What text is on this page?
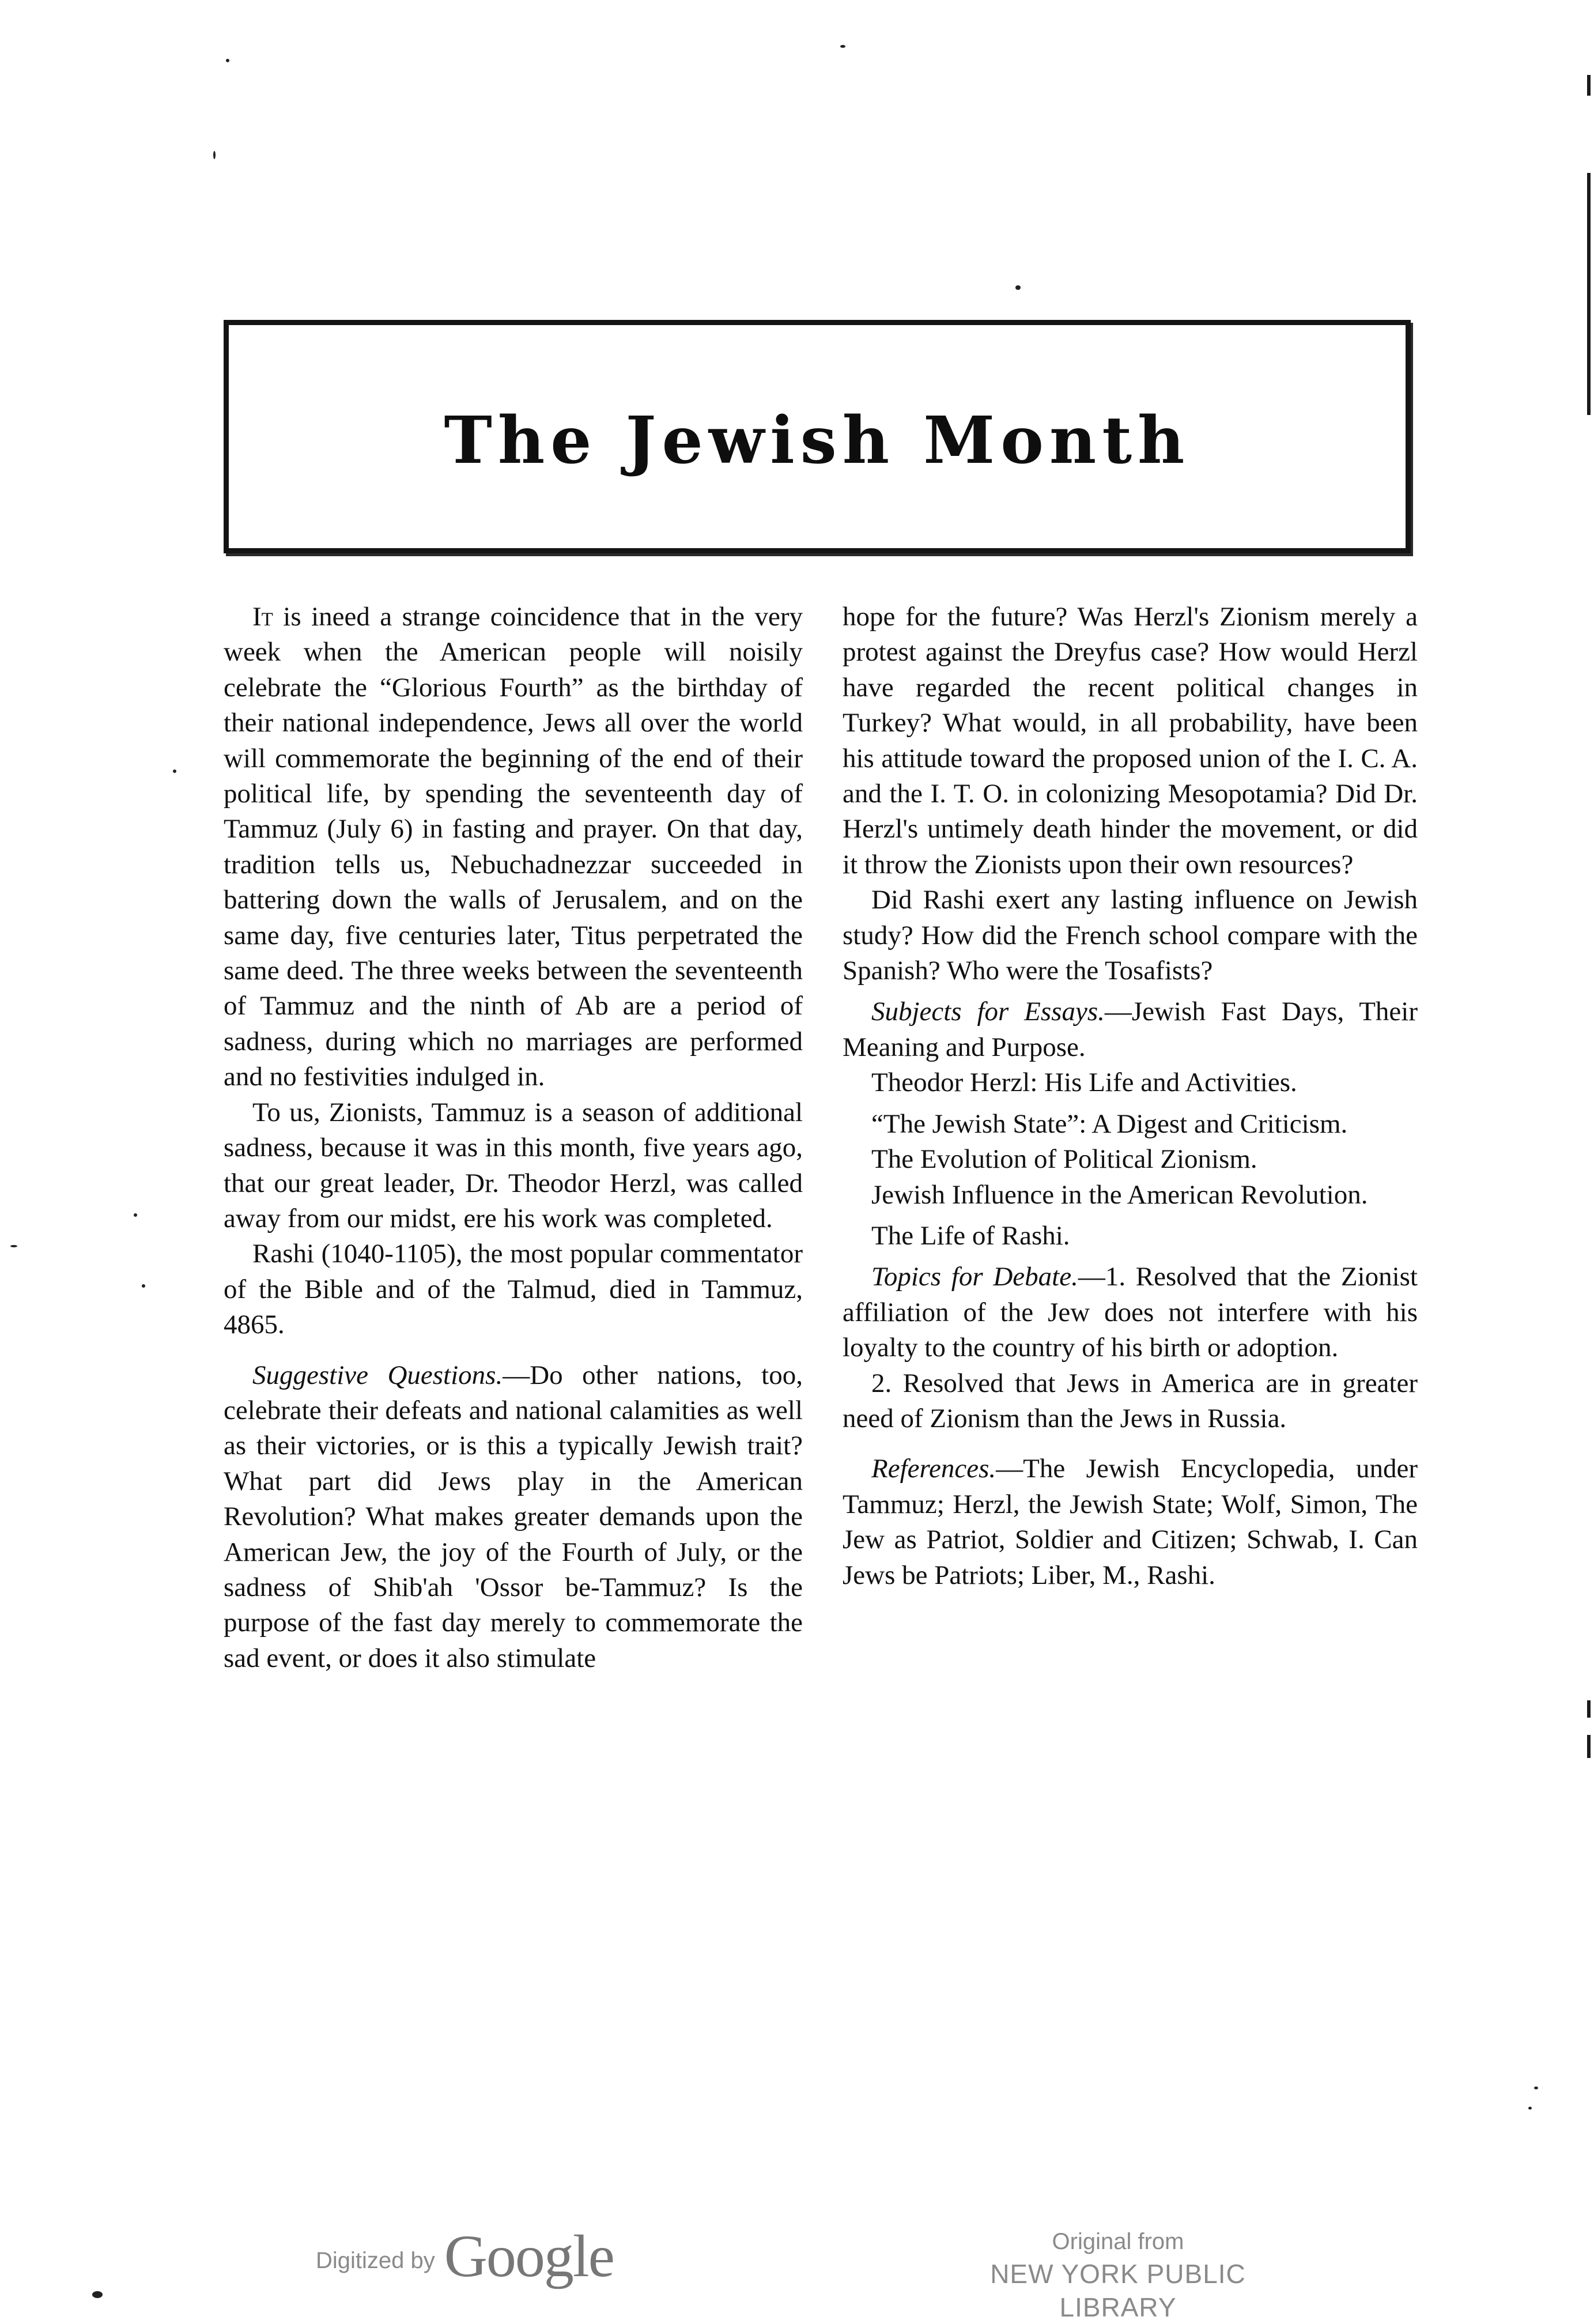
The Jewish Month

It is ineed a strange coincidence that in the very week when the American people will noisily celebrate the “Glorious Fourth” as the birthday of their national independence, Jews all over the world will commemorate the beginning of the end of their political life, by spending the seventeenth day of Tammuz (July 6) in fasting and prayer. On that day, tradition tells us, Nebuchadnezzar succeeded in battering down the walls of Jerusalem, and on the same day, five centuries later, Titus perpetrated the same deed. The three weeks between the seventeenth of Tammuz and the ninth of Ab are a period of sadness, during which no marriages are performed and no festivities indulged in.

To us, Zionists, Tammuz is a season of additional sadness, because it was in this month, five years ago, that our great leader, Dr. Theodor Herzl, was called away from our midst, ere his work was completed.

Rashi (1040-1105), the most popular commentator of the Bible and of the Talmud, died in Tammuz, 4865.

Suggestive Questions.—Do other nations, too, celebrate their defeats and national calamities as well as their victories, or is this a typically Jewish trait? What part did Jews play in the American Revolution? What makes greater demands upon the American Jew, the joy of the Fourth of July, or the sadness of Shib'ah 'Ossor be-Tammuz? Is the purpose of the fast day merely to commemorate the sad event, or does it also stimulate

hope for the future? Was Herzl's Zionism merely a protest against the Dreyfus case? How would Herzl have regarded the recent political changes in Turkey? What would, in all probability, have been his attitude toward the proposed union of the I. C. A. and the I. T. O. in colonizing Mesopotamia? Did Dr. Herzl's untimely death hinder the movement, or did it throw the Zionists upon their own resources?

Did Rashi exert any lasting influence on Jewish study? How did the French school compare with the Spanish? Who were the Tosafists?

Subjects for Essays.—Jewish Fast Days, Their Meaning and Purpose.

Theodor Herzl: His Life and Activities.

“The Jewish State”: A Digest and Criticism.

The Evolution of Political Zionism.

Jewish Influence in the American Revolution.

The Life of Rashi.

Topics for Debate.—1. Resolved that the Zionist affiliation of the Jew does not interfere with his loyalty to the country of his birth or adoption.

2. Resolved that Jews in America are in greater need of Zionism than the Jews in Russia.

References.—The Jewish Encyclopedia, under Tammuz; Herzl, the Jewish State; Wolf, Simon, The Jew as Patriot, Soldier and Citizen; Schwab, I. Can Jews be Patriots; Liber, M., Rashi.

Digitized by Google	Original from
NEW YORK PUBLIC LIBRARY
